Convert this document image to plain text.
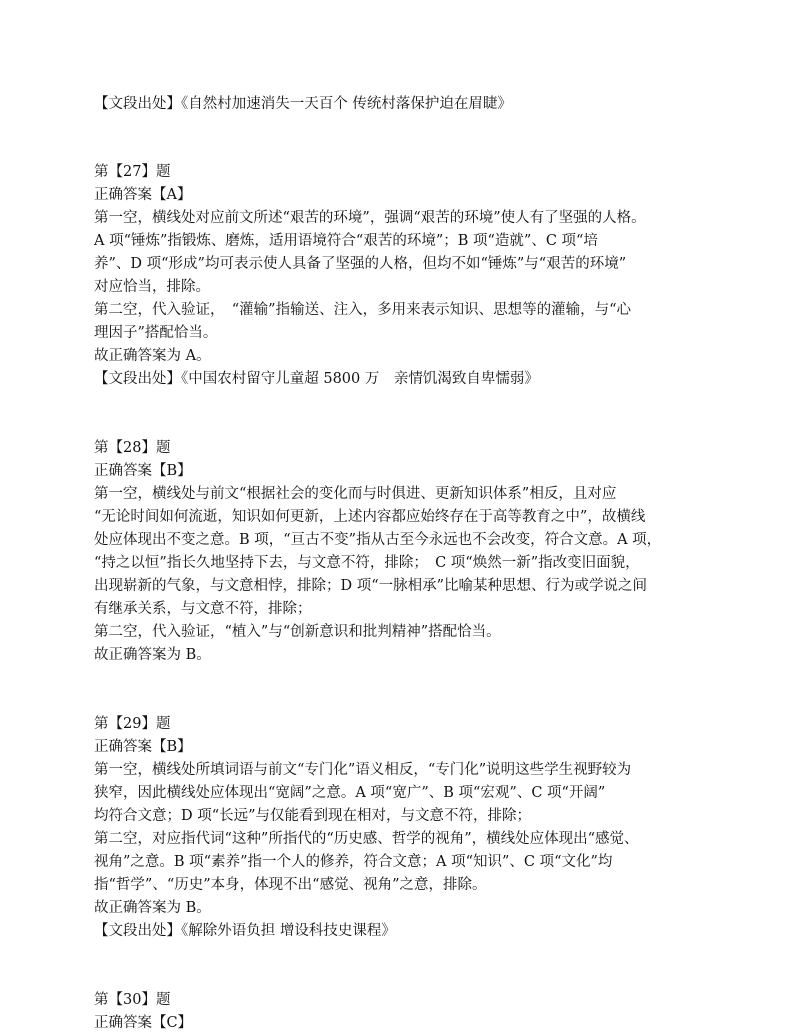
【文段出处】《自然村加速消失一天百个 传统村落保护迫在眉睫》
第【27】题
正确答案【A】
第一空，横线处对应前文所述“艰苦的环境”，强调“艰苦的环境”使人有了坚强的人格。
A 项“锤炼”指锻炼、磨炼，适用语境符合“艰苦的环境”；B 项“造就”、C 项“培
养”、D 项“形成”均可表示使人具备了坚强的人格，但均不如“锤炼”与“艰苦的环境”
对应恰当，排除。
第二空，代入验证，　“灌输”指输送、注入，多用来表示知识、思想等的灌输，与“心
理因子”搭配恰当。
故正确答案为 A。
【文段出处】《中国农村留守儿童超 5800 万　亲情饥渴致自卑懦弱》
第【28】题
正确答案【B】
第一空，横线处与前文“根据社会的变化而与时俱进、更新知识体系”相反，且对应
“无论时间如何流逝，知识如何更新，上述内容都应始终存在于高等教育之中”，故横线
处应体现出不变之意。B 项，“亘古不变”指从古至今永远也不会改变，符合文意。A 项，
“持之以恒”指长久地坚持下去，与文意不符，排除；　C 项“焕然一新”指改变旧面貌，
出现崭新的气象，与文意相悖，排除；D 项“一脉相承”比喻某种思想、行为或学说之间
有继承关系，与文意不符，排除；
第二空，代入验证，“植入”与“创新意识和批判精神”搭配恰当。
故正确答案为 B。
第【29】题
正确答案【B】
第一空，横线处所填词语与前文“专门化”语义相反，“专门化”说明这些学生视野较为
狭窄，因此横线处应体现出“宽阔”之意。A 项“宽广”、B 项“宏观”、C 项“开阔”
均符合文意；D 项“长远”与仅能看到现在相对，与文意不符，排除；
第二空，对应指代词“这种”所指代的“历史感、哲学的视角”，横线处应体现出“感觉、
视角”之意。B 项“素养”指一个人的修养，符合文意；A 项“知识”、C 项“文化”均
指“哲学”、“历史”本身，体现不出“感觉、视角”之意，排除。
故正确答案为 B。
【文段出处】《解除外语负担 增设科技史课程》
第【30】题
正确答案【C】
